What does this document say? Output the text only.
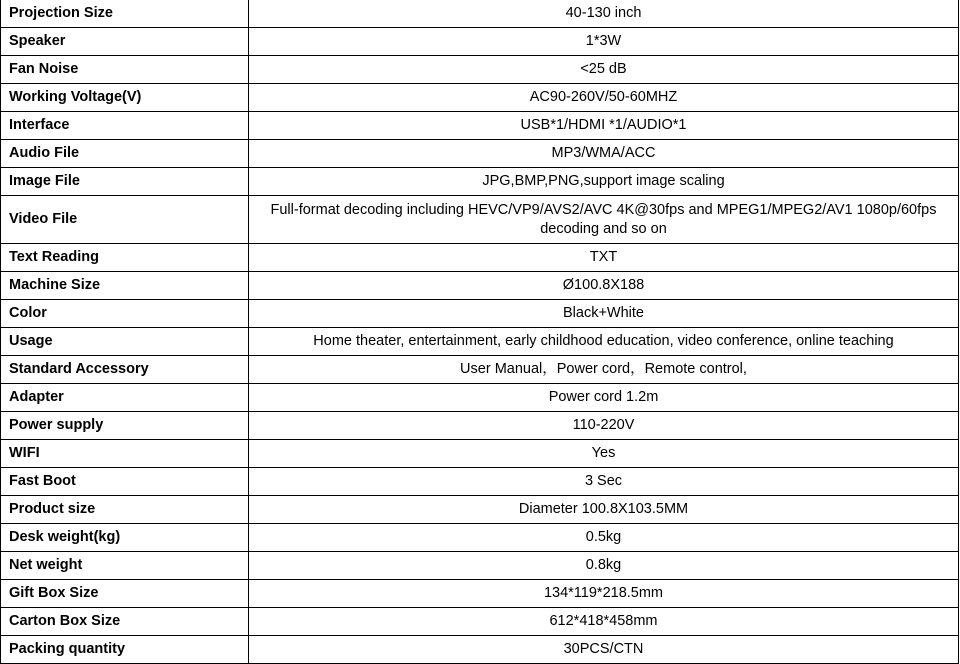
Projection Size	40-130 inch
Speaker	1*3W
Fan Noise	<25 dB
Working Voltage(V)	AC90-260V/50-60MHZ
Interface	USB*1/HDMI *1/AUDIO*1
Audio File	MP3/WMA/ACC
Image File	JPG,BMP,PNG,support image scaling
Video File	Full-format decoding including HEVC/VP9/AVS2/AVC 4K@30fps and MPEG1/MPEG2/AV1 1080p/60fps decoding and so on
Text Reading	TXT
Machine Size	Ø100.8X188
Color	Black+White
Usage	Home theater, entertainment, early childhood education, video conference, online teaching
Standard Accessory	User Manual，Power cord，Remote control,
Adapter	Power cord 1.2m
Power supply	110-220V
WIFI	Yes
Fast Boot	3 Sec
Product size	Diameter 100.8X103.5MM
Desk weight(kg)	0.5kg
Net weight	0.8kg
Gift Box Size	134*119*218.5mm
Carton Box Size	612*418*458mm
Packing quantity	30PCS/CTN
